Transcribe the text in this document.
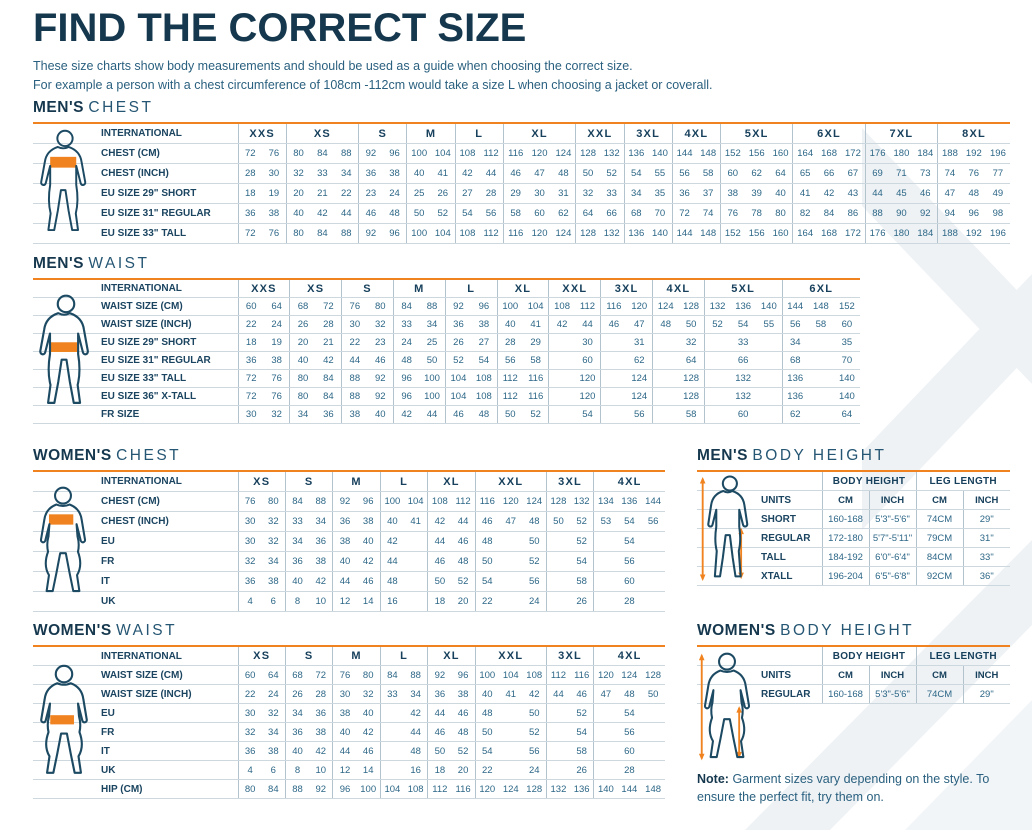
FIND THE CORRECT SIZE
These size charts show body measurements and should be used as a guide when choosing the correct size.
For example a person with a chest circumference of 108cm -112cm would take a size L when choosing a jacket or coverall.
MEN'S CHEST
INTERNATIONAL	XXS		XS			S		M		L		XL			XXL		3XL		4XL		5XL			6XL			7XL			8XL		
CHEST (CM)	72	76	80	84	88	92	96	100	104	108	112	116	120	124	128	132	136	140	144	148	152	156	160	164	168	172	176	180	184	188	192	196
CHEST (INCH)	28	30	32	33	34	36	38	40	41	42	44	46	47	48	50	52	54	55	56	58	60	62	64	65	66	67	69	71	73	74	76	77
EU SIZE 29" SHORT	18	19	20	21	22	23	24	25	26	27	28	29	30	31	32	33	34	35	36	37	38	39	40	41	42	43	44	45	46	47	48	49
EU SIZE 31" REGULAR	36	38	40	42	44	46	48	50	52	54	56	58	60	62	64	66	68	70	72	74	76	78	80	82	84	86	88	90	92	94	96	98
EU SIZE 33" TALL	72	76	80	84	88	92	96	100	104	108	112	116	120	124	128	132	136	140	144	148	152	156	160	164	168	172	176	180	184	188	192	196
MEN'S WAIST
INTERNATIONAL	XXS		XS		S		M		L		XL		XXL		3XL		4XL		5XL			6XL		
WAIST SIZE (CM)	60	64	68	72	76	80	84	88	92	96	100	104	108	112	116	120	124	128	132	136	140	144	148	152
WAIST SIZE (INCH)	22	24	26	28	30	32	33	34	36	38	40	41	42	44	46	47	48	50	52	54	55	56	58	60
EU SIZE 29" SHORT	18	19	20	21	22	23	24	25	26	27	28	29		30		31		32		33		34		35
EU SIZE 31" REGULAR	36	38	40	42	44	46	48	50	52	54	56	58		60		62		64		66		68		70
EU SIZE 33" TALL	72	76	80	84	88	92	96	100	104	108	112	116		120		124		128		132		136		140
EU SIZE 36" X-TALL	72	76	80	84	88	92	96	100	104	108	112	116		120		124		128		132		136		140
FR SIZE	30	32	34	36	38	40	42	44	46	48	50	52		54		56		58		60		62		64
WOMEN'S CHEST
INTERNATIONAL	XS		S		M		L		XL		XXL			3XL		4XL		
CHEST (CM)	76	80	84	88	92	96	100	104	108	112	116	120	124	128	132	134	136	144
CHEST (INCH)	30	32	33	34	36	38	40	41	42	44	46	47	48	50	52	53	54	56
EU	30	32	34	36	38	40	42		44	46	48		50		52		54	
FR	32	34	36	38	40	42	44		46	48	50		52		54		56	
IT	36	38	40	42	44	46	48		50	52	54		56		58		60	
UK	4	6	8	10	12	14	16		18	20	22		24		26		28	
MEN'S BODY HEIGHT
	BODY HEIGHT		LEG LENGTH	
UNITS	CM	INCH	CM	INCH
SHORT	160-168	5'3"-5'6"	74CM	29"
REGULAR	172-180	5'7"-5'11"	79CM	31"
TALL	184-192	6'0"-6'4"	84CM	33"
XTALL	196-204	6'5"-6'8"	92CM	36"
WOMEN'S WAIST
INTERNATIONAL	XS		S		M		L		XL		XXL			3XL		4XL		
WAIST SIZE (CM)	60	64	68	72	76	80	84	88	92	96	100	104	108	112	116	120	124	128
WAIST SIZE (INCH)	22	24	26	28	30	32	33	34	36	38	40	41	42	44	46	47	48	50
EU	30	32	34	36	38	40		42	44	46	48		50		52		54	
FR	32	34	36	38	40	42		44	46	48	50		52		54		56	
IT	36	38	40	42	44	46		48	50	52	54		56		58		60	
UK	4	6	8	10	12	14		16	18	20	22		24		26		28	
HIP (CM)	80	84	88	92	96	100	104	108	112	116	120	124	128	132	136	140	144	148
WOMEN'S BODY HEIGHT
	BODY HEIGHT		LEG LENGTH	
UNITS	CM	INCH	CM	INCH
REGULAR	160-168	5'3"-5'6"	74CM	29"
Note: Garment sizes vary depending on the style. To ensure the perfect fit, try them on.
